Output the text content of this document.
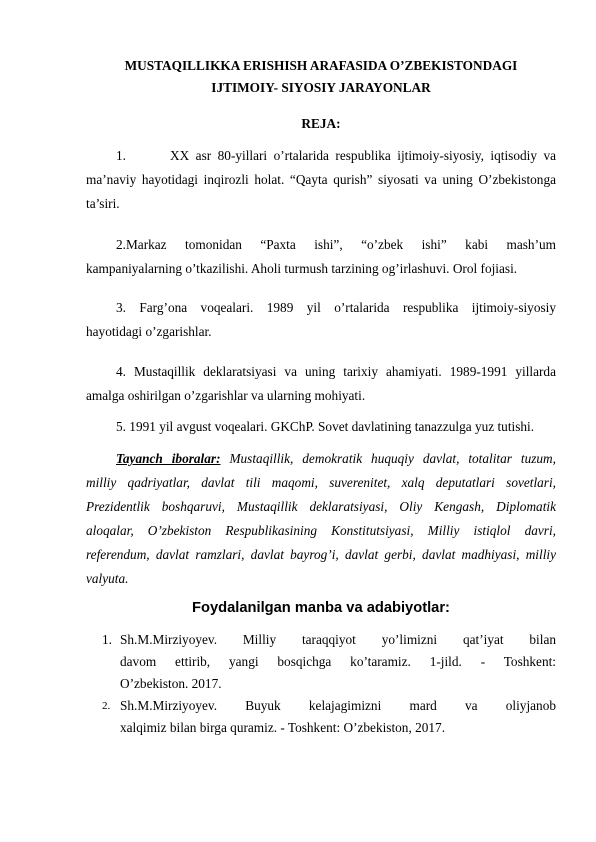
MUSTAQILLIKKA ERISHISH ARAFASIDA O’ZBEKISTONDAGI
IJTIMOIY- SIYOSIY JARAYONLAR
REJA:
1.	XX asr 80-yillari o’rtalarida respublika ijtimoiy-siyosiy, iqtisodiy va
ma’naviy hayotidagi inqirozli holat. “Qayta qurish” siyosati va uning O’zbekistonga
ta’siri.
2.Markaz tomonidan “Paxta ishi”, “o’zbek ishi” kabi mash’um
kampaniyalarning o’tkazilishi. Aholi turmush tarzining og’irlashuvi. Orol fojiasi.
3. Farg’ona voqealari. 1989 yil o’rtalarida respublika ijtimoiy-siyosiy
hayotidagi o’zgarishlar.
4. Mustaqillik deklaratsiyasi va uning tarixiy ahamiyati. 1989-1991 yillarda
amalga oshirilgan o’zgarishlar va ularning mohiyati.
5. 1991 yil avgust voqealari. GKChP. Sovet davlatining tanazzulga yuz tutishi.
Tayanch iboralar: Mustaqillik, demokratik huquqiy davlat, totalitar tuzum,
milliy qadriyatlar, davlat tili maqomi, suverenitet, xalq deputatlari sovetlari,
Prezidentlik boshqaruvi, Mustaqillik deklaratsiyasi, Oliy Kengash, Diplomatik
aloqalar, O’zbekiston Respublikasining Konstitutsiyasi, Milliy istiqlol davri,
referendum, davlat ramzlari, davlat bayrog’i, davlat gerbi, davlat madhiyasi, milliy
valyuta.
Foydalanilgan manba va adabiyotlar:
1. Sh.M.Mirziyoyev. Milliy taraqqiyot yo’limizni qat’iyat bilan
davom ettirib, yangi bosqichga ko’taramiz. 1-jild. - Toshkent:
O’zbekiston. 2017.
2. Sh.M.Mirziyoyev. Buyuk kelajagimizni mard va oliyjanob
xalqimiz bilan birga quramiz. - Toshkent: O’zbekiston, 2017.
